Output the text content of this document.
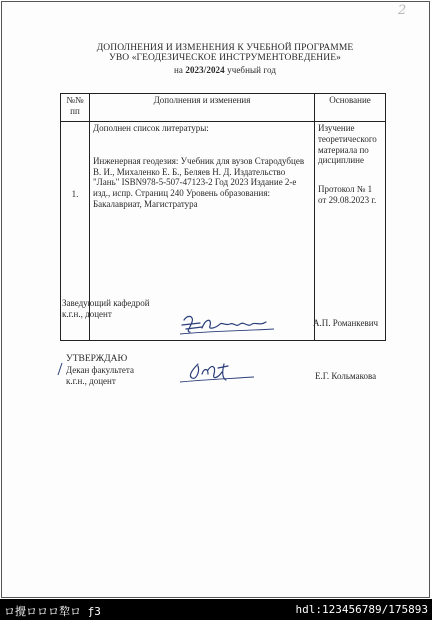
2
ДОПОЛНЕНИЯ И ИЗМЕНЕНИЯ К УЧЕБНОЙ ПРОГРАММЕ
УВО «ГЕОДЕЗИЧЕСКОЕ ИНСТРУМЕНТОВЕДЕНИЕ»
на 2023/2024 учебный год
№№ пп	Дополнения и изменения	Основание
1.	Дополнен список литературы:
Инженерная геодезия: Учебник для вузов Стародубцев В. И., Михаленко Е. Б., Беляев Н. Д. Издательство "Лань" ISBN978-5-507-47123-2 Год 2023 Издание 2-е изд., испр. Страниц 240 Уровень образования: Бакалавриат, Магистратура	Изучение теоретического материала по дисциплине
Протокол № 1 от 29.08.2023 г.
Заведующий кафедрой
к.г.н., доцент
А.П. Романкевич
УТВЕРЖДАЮ
Декан факультета
к.г.н., доцент	Е.Г. Кольмакова
ロ攪ロロロ犂ロ ƒ3	hdl:123456789/175893
